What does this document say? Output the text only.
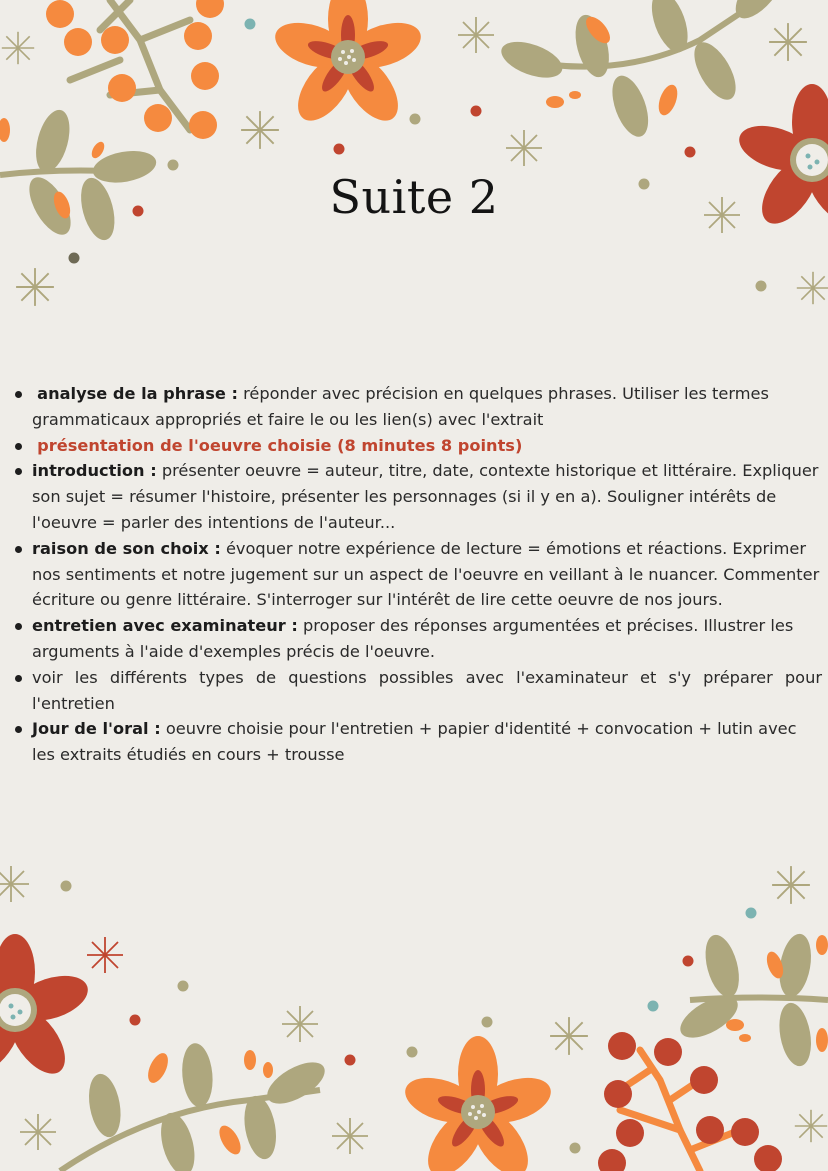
Suite 2
analyse de la phrase : réponder avec précision en quelques phrases. Utiliser les termes grammaticaux appropriés et faire le ou les lien(s) avec l'extrait
présentation de l'oeuvre choisie (8 minutes 8 points)
introduction : présenter oeuvre = auteur, titre, date, contexte historique et littéraire. Expliquer son sujet = résumer l'histoire, présenter les personnages (si il y en a). Souligner intérêts de l'oeuvre = parler des intentions de l'auteur...
raison de son choix : évoquer notre expérience de lecture = émotions et réactions. Exprimer nos sentiments et notre jugement sur un aspect de l'oeuvre en veillant à le nuancer. Commenter écriture ou genre littéraire. S'interroger sur l'intérêt de lire cette oeuvre de nos jours.
entretien avec examinateur : proposer des réponses argumentées et précises. Illustrer les arguments à l'aide d'exemples précis de l'oeuvre.
voir les différents types de questions possibles avec l'examinateur et s'y préparer pour l'entretien
Jour de l'oral : oeuvre choisie pour l'entretien + papier d'identité + convocation + lutin avec les extraits étudiés en cours + trousse
